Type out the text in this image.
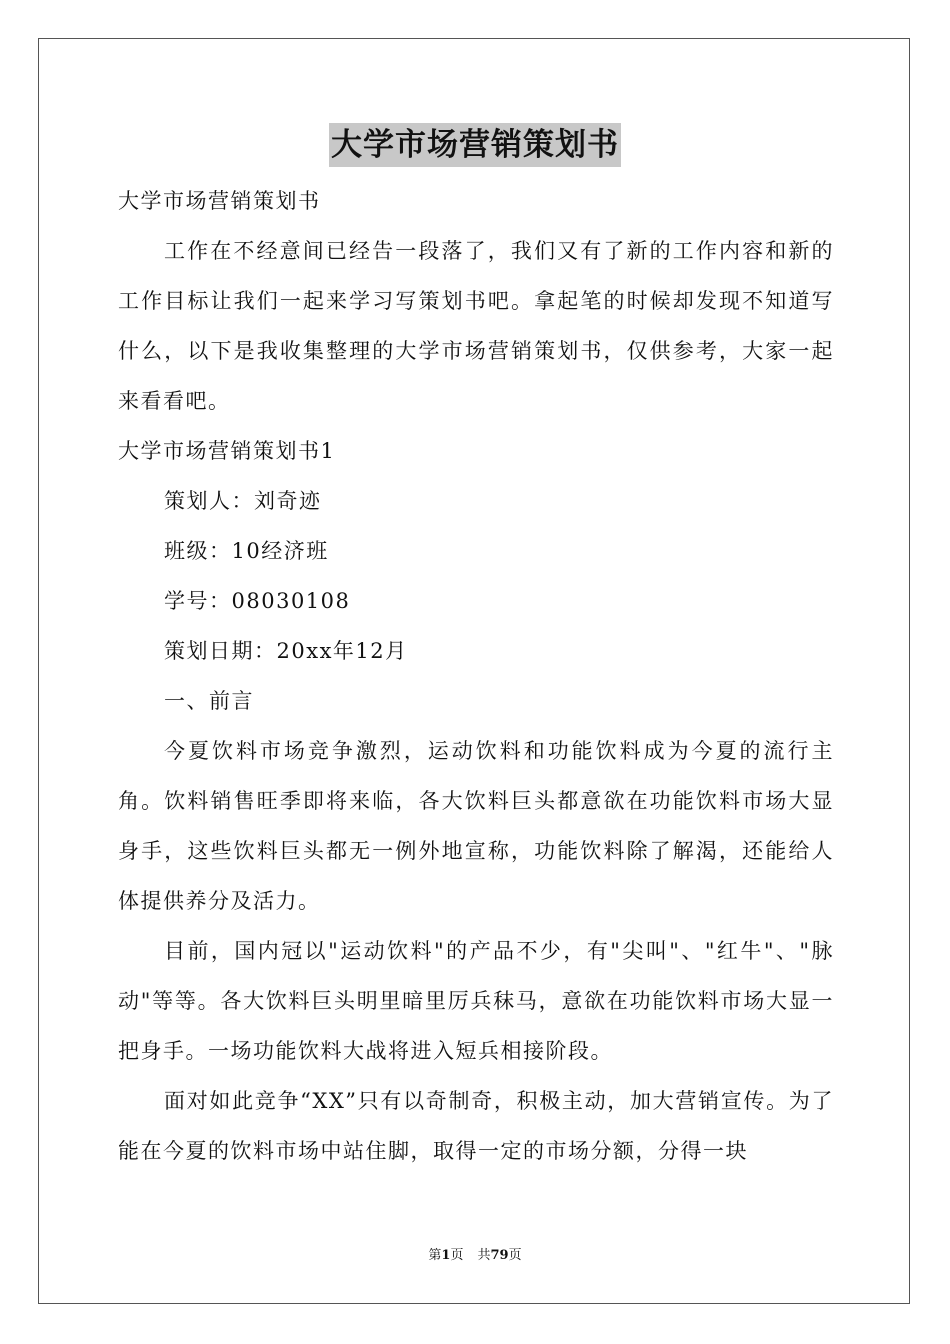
大学市场营销策划书

大学市场营销策划书

工作在不经意间已经告一段落了，我们又有了新的工作内容和新的工作目标让我们一起来学习写策划书吧。拿起笔的时候却发现不知道写什么，以下是我收集整理的大学市场营销策划书，仅供参考，大家一起来看看吧。

大学市场营销策划书1

策划人：刘奇迹

班级：10经济班

学号：08030108

策划日期：20xx年12月

一、前言

今夏饮料市场竞争激烈，运动饮料和功能饮料成为今夏的流行主角。饮料销售旺季即将来临，各大饮料巨头都意欲在功能饮料市场大显身手，这些饮料巨头都无一例外地宣称，功能饮料除了解渴，还能给人体提供养分及活力。

目前，国内冠以"运动饮料"的产品不少，有"尖叫"、"红牛"、"脉动"等等。各大饮料巨头明里暗里厉兵秣马，意欲在功能饮料市场大显一把身手。一场功能饮料大战将进入短兵相接阶段。

面对如此竞争“XX”只有以奇制奇，积极主动，加大营销宣传。为了能在今夏的饮料市场中站住脚，取得一定的市场分额，分得一块

第1页 共79页
